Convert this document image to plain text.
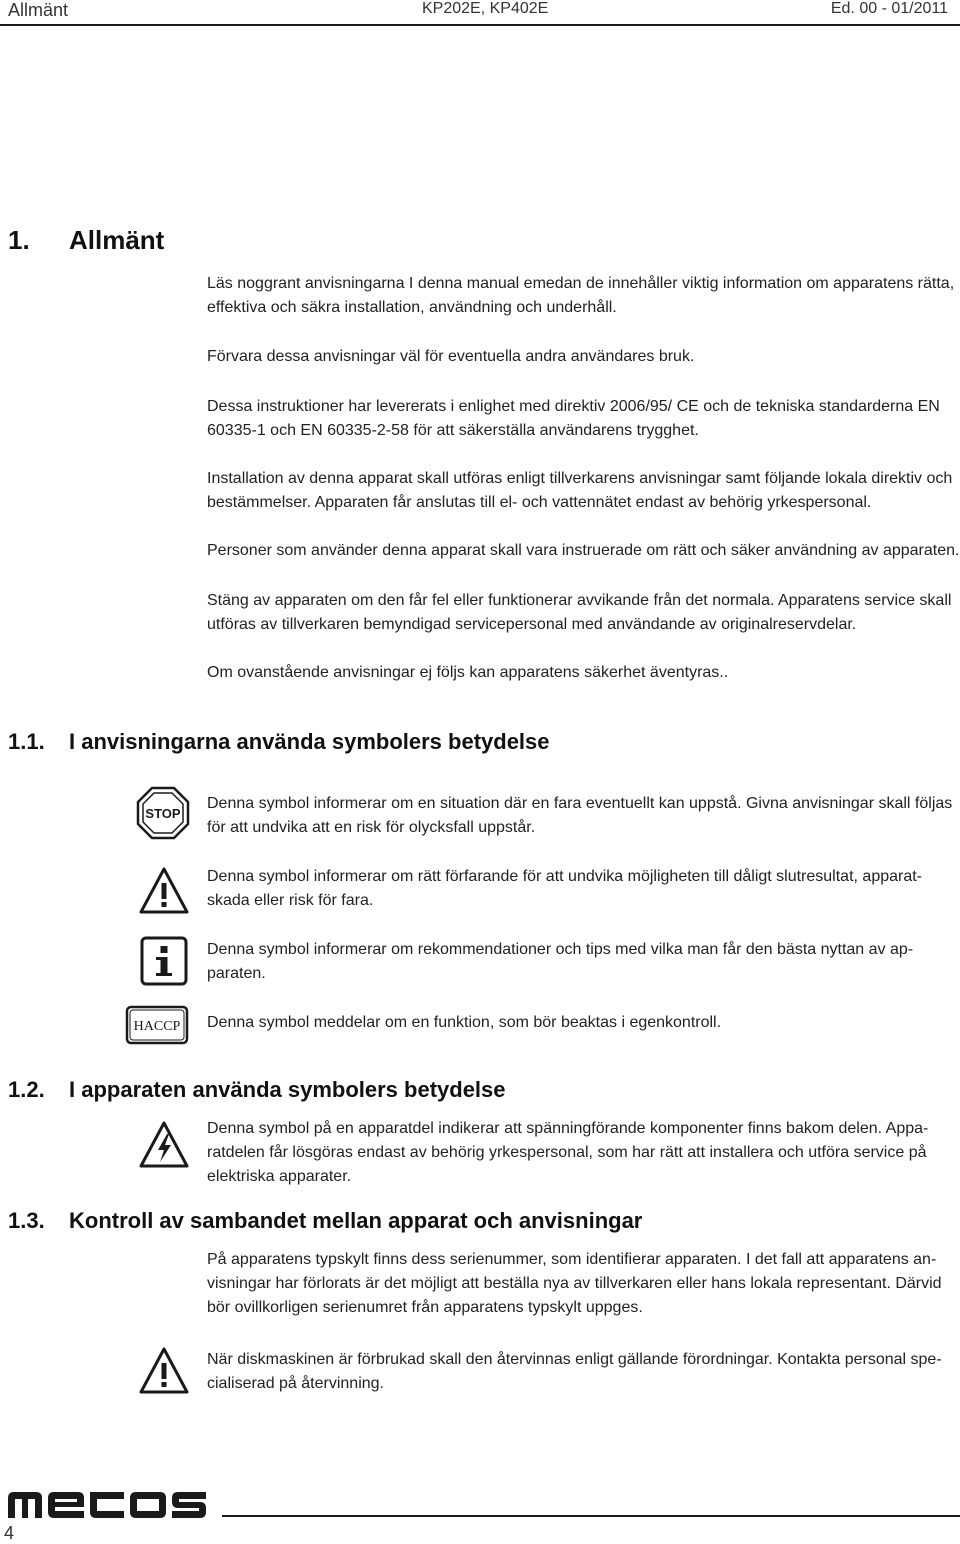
Allmänt	KP202E, KP402E	Ed. 00 - 01/2011
1. Allmänt
Läs noggrant anvisningarna I denna manual emedan de innehåller viktig information om apparatens rätta,
effektiva och säkra installation, användning och underhåll.
Förvara dessa anvisningar väl för eventuella andra användares bruk.
Dessa instruktioner har levererats i enlighet med direktiv 2006/95/ CE och de tekniska standarderna EN
60335-1 och EN 60335-2-58 för att säkerställa användarens trygghet.
Installation av denna apparat skall utföras enligt tillverkarens anvisningar samt följande lokala direktiv och
bestämmelser. Apparaten får anslutas till el- och vattennätet endast av behörig yrkespersonal.
Personer som använder denna apparat skall vara instruerade om rätt och säker användning av apparaten.
Stäng av apparaten om den får fel eller funktionerar avvikande från det normala. Apparatens service skall
utföras av tillverkaren bemyndigad servicepersonal med användande av originalreservdelar.
Om ovanstående anvisningar ej följs kan apparatens säkerhet äventyras..
1.1. I anvisningarna använda symbolers betydelse
STOP
Denna symbol informerar om en situation där en fara eventuellt kan uppstå. Givna anvisningar skall följas
för att undvika att en risk för olycksfall uppstår.
Denna symbol informerar om rätt förfarande för att undvika möjligheten till dåligt slutresultat, apparat-
skada eller risk för fara.
Denna symbol informerar om rekommendationer och tips med vilka man får den bästa nyttan av ap-
paraten.
HACCP Denna symbol meddelar om en funktion, som bör beaktas i egenkontroll.
1.2. I apparaten använda symbolers betydelse
Denna symbol på en apparatdel indikerar att spänningförande komponenter finns bakom delen. Appa-
ratdelen får lösgöras endast av behörig yrkespersonal, som har rätt att installera och utföra service på
elektriska apparater.
1.3. Kontroll av sambandet mellan apparat och anvisningar
På apparatens typskylt finns dess serienummer, som identifierar apparaten. I det fall att apparatens an-
visningar har förlorats är det möjligt att beställa nya av tillverkaren eller hans lokala representant. Därvid
bör ovillkorligen serienumret från apparatens typskylt uppges.
När diskmaskinen är förbrukad skall den återvinnas enligt gällande förordningar. Kontakta personal spe-
cialiserad på återvinning.
4
